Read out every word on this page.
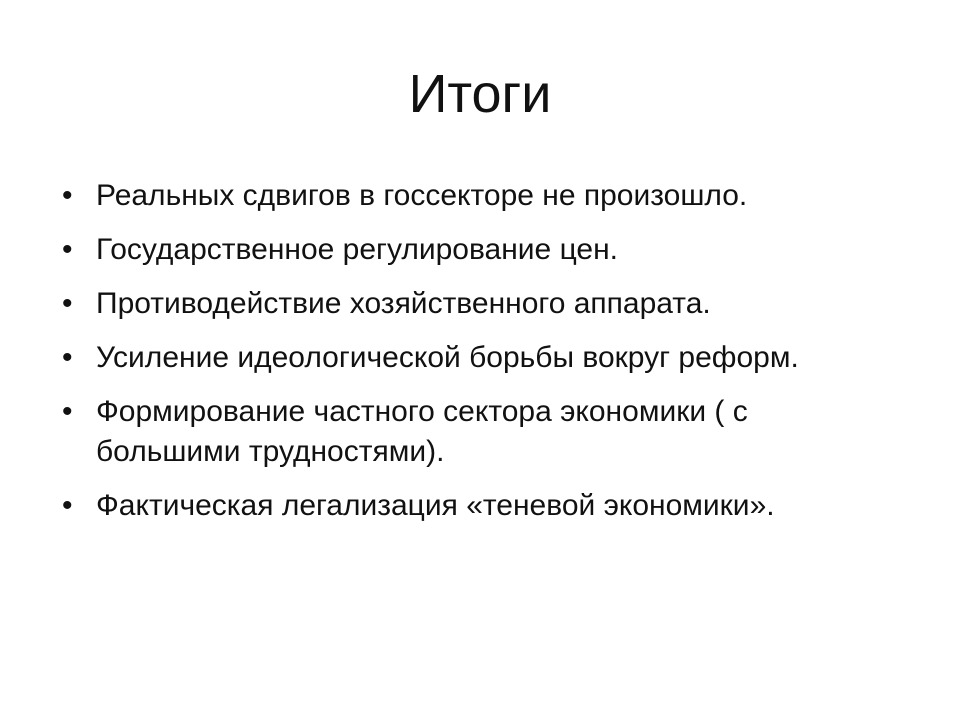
Итоги
• Реальных сдвигов в госсекторе не произошло.
• Государственное регулирование цен.
• Противодействие хозяйственного аппарата.
• Усиление идеологической борьбы вокруг реформ.
• Формирование частного сектора экономики ( с большими трудностями).
• Фактическая легализация «теневой экономики».
